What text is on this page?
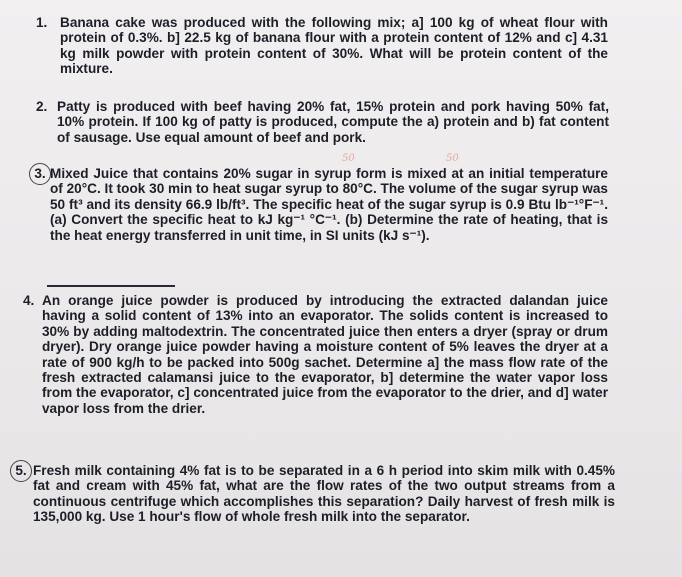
1. Banana cake was produced with the following mix; a] 100 kg of wheat flour with protein of 0.3%. b] 22.5 kg of banana flour with a protein content of 12% and c] 4.31 kg milk powder with protein content of 30%. What will be protein content of the mixture.
2. Patty is produced with beef having 20% fat, 15% protein and pork having 50% fat, 10% protein. If 100 kg of patty is produced, compute the a) protein and b) fat content of sausage. Use equal amount of beef and pork.
50	50
3. Mixed Juice that contains 20% sugar in syrup form is mixed at an initial temperature of 20°C. It took 30 min to heat sugar syrup to 80°C. The volume of the sugar syrup was 50 ft³ and its density 66.9 lb/ft³. The specific heat of the sugar syrup is 0.9 Btu lb⁻¹°F⁻¹. (a) Convert the specific heat to kJ kg⁻¹ °C⁻¹. (b) Determine the rate of heating, that is the heat energy transferred in unit time, in SI units (kJ s⁻¹).
4. An orange juice powder is produced by introducing the extracted dalandan juice having a solid content of 13% into an evaporator. The solids content is increased to 30% by adding maltodextrin. The concentrated juice then enters a dryer (spray or drum dryer). Dry orange juice powder having a moisture content of 5% leaves the dryer at a rate of 900 kg/h to be packed into 500g sachet. Determine a] the mass flow rate of the fresh extracted calamansi juice to the evaporator, b] determine the water vapor loss from the evaporator, c] concentrated juice from the evaporator to the drier, and d] water vapor loss from the drier.
5. Fresh milk containing 4% fat is to be separated in a 6 h period into skim milk with 0.45% fat and cream with 45% fat, what are the flow rates of the two output streams from a continuous centrifuge which accomplishes this separation? Daily harvest of fresh milk is 135,000 kg. Use 1 hour's flow of whole fresh milk into the separator.
